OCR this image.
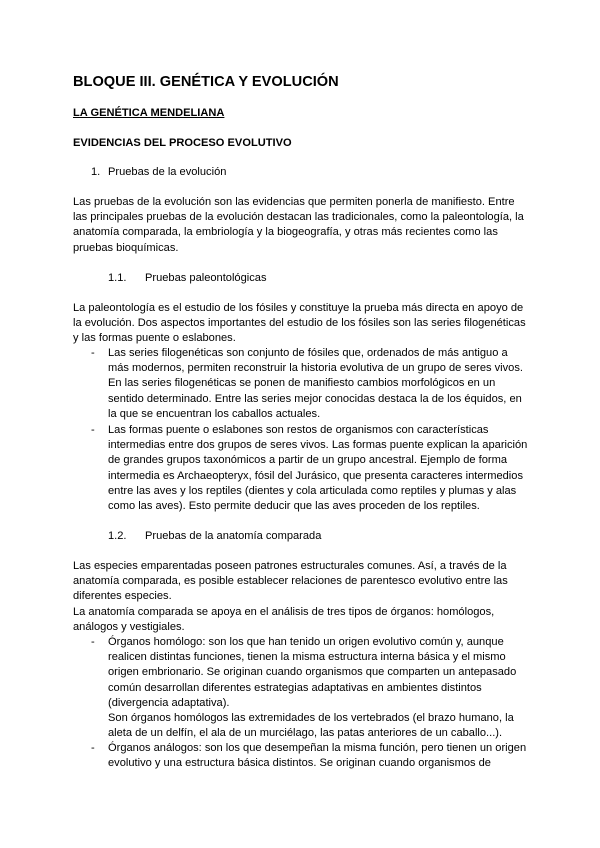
BLOQUE III. GENÉTICA Y EVOLUCIÓN

LA GENÉTICA MENDELIANA

EVIDENCIAS DEL PROCESO EVOLUTIVO

1. Pruebas de la evolución

Las pruebas de la evolución son las evidencias que permiten ponerla de manifiesto. Entre
las principales pruebas de la evolución destacan las tradicionales, como la paleontología, la
anatomía comparada, la embriología y la biogeografía, y otras más recientes como las
pruebas bioquímicas.

1.1. Pruebas paleontológicas

La paleontología es el estudio de los fósiles y constituye la prueba más directa en apoyo de
la evolución. Dos aspectos importantes del estudio de los fósiles son las series filogenéticas
y las formas puente o eslabones.

- Las series filogenéticas son conjunto de fósiles que, ordenados de más antiguo a
más modernos, permiten reconstruir la historia evolutiva de un grupo de seres vivos.
En las series filogenéticas se ponen de manifiesto cambios morfológicos en un
sentido determinado. Entre las series mejor conocidas destaca la de los équidos, en
la que se encuentran los caballos actuales.

- Las formas puente o eslabones son restos de organismos con características
intermedias entre dos grupos de seres vivos. Las formas puente explican la aparición
de grandes grupos taxonómicos a partir de un grupo ancestral. Ejemplo de forma
intermedia es Archaeopteryx, fósil del Jurásico, que presenta caracteres intermedios
entre las aves y los reptiles (dientes y cola articulada como reptiles y plumas y alas
como las aves). Esto permite deducir que las aves proceden de los reptiles.

1.2. Pruebas de la anatomía comparada

Las especies emparentadas poseen patrones estructurales comunes. Así, a través de la
anatomía comparada, es posible establecer relaciones de parentesco evolutivo entre las
diferentes especies.
La anatomía comparada se apoya en el análisis de tres tipos de órganos: homólogos,
análogos y vestigiales.

- Órganos homólogo: son los que han tenido un origen evolutivo común y, aunque
realicen distintas funciones, tienen la misma estructura interna básica y el mismo
origen embrionario. Se originan cuando organismos que comparten un antepasado
común desarrollan diferentes estrategias adaptativas en ambientes distintos
(divergencia adaptativa).
Son órganos homólogos las extremidades de los vertebrados (el brazo humano, la
aleta de un delfín, el ala de un murciélago, las patas anteriores de un caballo...).

- Órganos análogos: son los que desempeñan la misma función, pero tienen un origen
evolutivo y una estructura básica distintos. Se originan cuando organismos de
